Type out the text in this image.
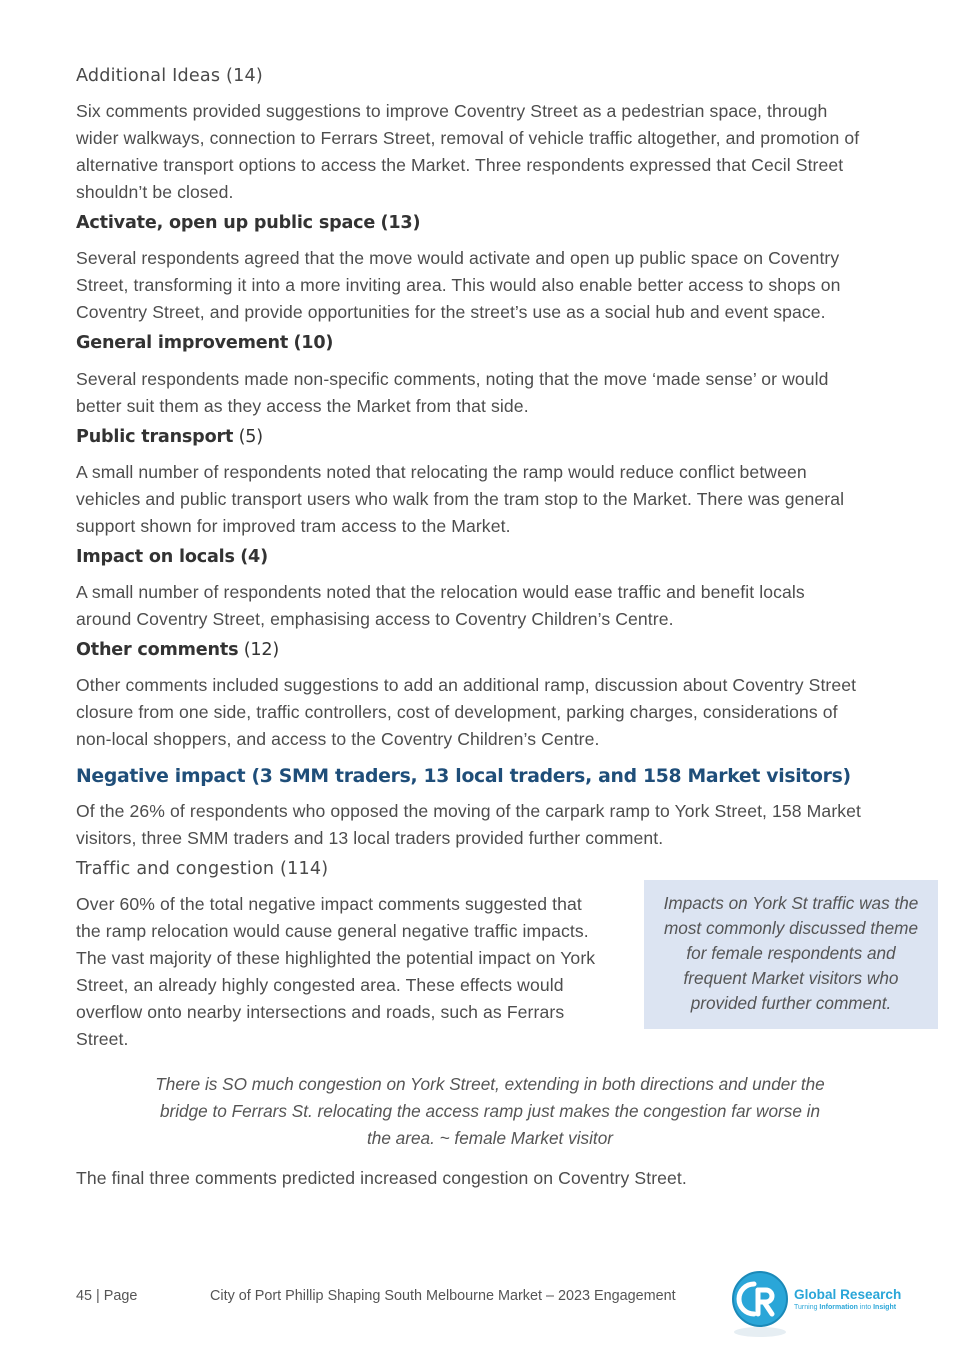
Additional Ideas (14)
Six comments provided suggestions to improve Coventry Street as a pedestrian space, through
wider walkways, connection to Ferrars Street, removal of vehicle traffic altogether, and promotion of
alternative transport options to access the Market. Three respondents expressed that Cecil Street
shouldn’t be closed.
Activate, open up public space (13)
Several respondents agreed that the move would activate and open up public space on Coventry
Street, transforming it into a more inviting area. This would also enable better access to shops on
Coventry Street, and provide opportunities for the street’s use as a social hub and event space.
General improvement (10)
Several respondents made non-specific comments, noting that the move ‘made sense’ or would
better suit them as they access the Market from that side.
Public transport (5)
A small number of respondents noted that relocating the ramp would reduce conflict between
vehicles and public transport users who walk from the tram stop to the Market. There was general
support shown for improved tram access to the Market.
Impact on locals (4)
A small number of respondents noted that the relocation would ease traffic and benefit locals
around Coventry Street, emphasising access to Coventry Children’s Centre.
Other comments (12)
Other comments included suggestions to add an additional ramp, discussion about Coventry Street
closure from one side, traffic controllers, cost of development, parking charges, considerations of
non-local shoppers, and access to the Coventry Children’s Centre.
Negative impact (3 SMM traders, 13 local traders, and 158 Market visitors)
Of the 26% of respondents who opposed the moving of the carpark ramp to York Street, 158 Market
visitors, three SMM traders and 13 local traders provided further comment.
Traffic and congestion (114)
Over 60% of the total negative impact comments suggested that
the ramp relocation would cause general negative traffic impacts.
The vast majority of these highlighted the potential impact on York
Street, an already highly congested area. These effects would
overflow onto nearby intersections and roads, such as Ferrars
Street.
Impacts on York St traffic was the
most commonly discussed theme
for female respondents and
frequent Market visitors who
provided further comment.
There is SO much congestion on York Street, extending in both directions and under the
bridge to Ferrars St. relocating the access ramp just makes the congestion far worse in
the area. ~ female Market visitor
The final three comments predicted increased congestion on Coventry Street.
45 | Page	City of Port Phillip Shaping South Melbourne Market – 2023 Engagement	Global Research
Turning Information into Insight
